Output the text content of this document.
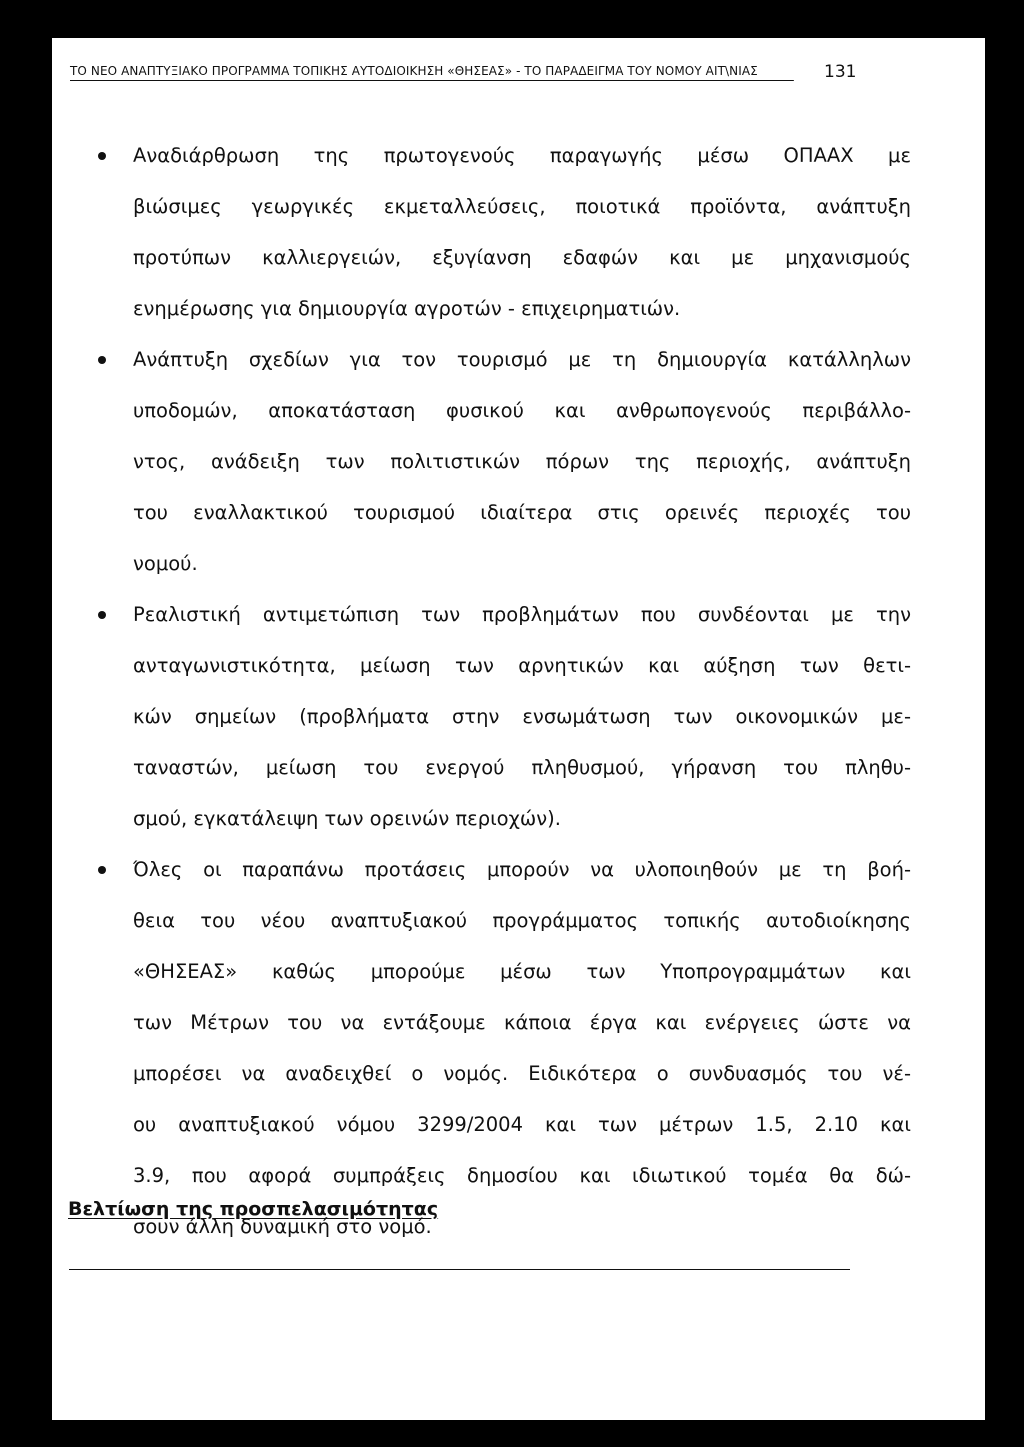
ΤΟ ΝΕΟ ΑΝΑΠΤΥΞΙΑΚΟ ΠΡΟΓΡΑΜΜΑ ΤΟΠΙΚΗΣ ΑΥΤΟΔΙΟΙΚΗΣΗ «ΘΗΣΕΑΣ» - ΤΟ ΠΑΡΑΔΕΙΓΜΑ ΤΟΥ ΝΟΜΟΥ ΑΙΤ\ΝΙΑΣ	131
Αναδιάρθρωση της πρωτογενούς παραγωγής μέσω ΟΠΑΑΧ με
βιώσιμες γεωργικές εκμεταλλεύσεις, ποιοτικά προϊόντα, ανάπτυξη
προτύπων καλλιεργειών, εξυγίανση εδαφών και με μηχανισμούς
ενημέρωσης για δημιουργία αγροτών - επιχειρηματιών.
Ανάπτυξη σχεδίων για τον τουρισμό με τη δημιουργία κατάλληλων
υποδομών, αποκατάσταση φυσικού και ανθρωπογενούς περιβάλλο-
ντος, ανάδειξη των πολιτιστικών πόρων της περιοχής, ανάπτυξη
του εναλλακτικού τουρισμού ιδιαίτερα στις ορεινές περιοχές του
νομού.
Ρεαλιστική αντιμετώπιση των προβλημάτων που συνδέονται με την
ανταγωνιστικότητα, μείωση των αρνητικών και αύξηση των θετι-
κών σημείων (προβλήματα στην ενσωμάτωση των οικονομικών με-
ταναστών, μείωση του ενεργού πληθυσμού, γήρανση του πληθυ-
σμού, εγκατάλειψη των ορεινών περιοχών).
Όλες οι παραπάνω προτάσεις μπορούν να υλοποιηθούν με τη βοή-
θεια του νέου αναπτυξιακού προγράμματος τοπικής αυτοδιοίκησης
«ΘΗΣΕΑΣ» καθώς μπορούμε μέσω των Υποπρογραμμάτων και
των Μέτρων του να εντάξουμε κάποια έργα και ενέργειες ώστε να
μπορέσει να αναδειχθεί ο νομός. Ειδικότερα ο συνδυασμός του νέ-
ου αναπτυξιακού νόμου 3299/2004 και των μέτρων 1.5, 2.10 και
3.9, που αφορά συμπράξεις δημοσίου και ιδιωτικού τομέα θα δώ-
σουν άλλη δυναμική στο νομό.
Βελτίωση της προσπελασιμότητας
